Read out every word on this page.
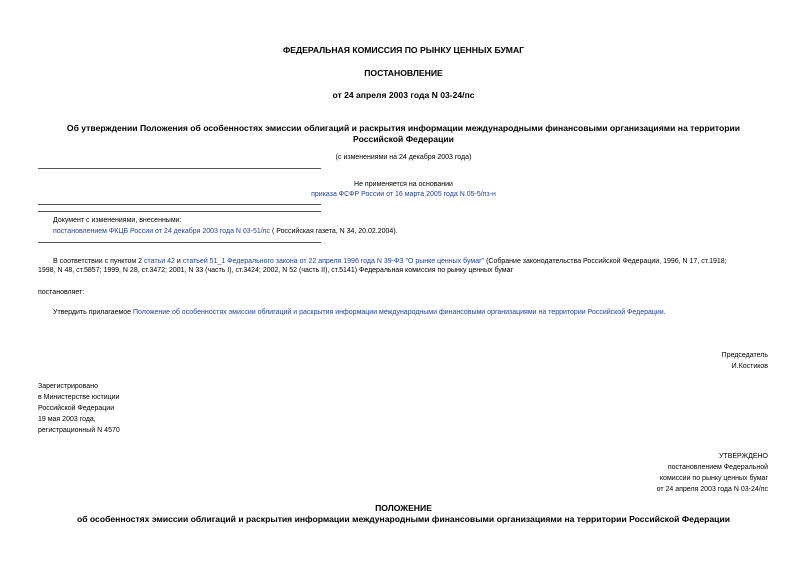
ФЕДЕРАЛЬНАЯ КОМИССИЯ ПО РЫНКУ ЦЕННЫХ БУМАГ
ПОСТАНОВЛЕНИЕ
от 24 апреля 2003 года N 03-24/пс
Об утверждении Положения об особенностях эмиссии облигаций и раскрытия информации международными финансовыми организациями на территории
Российской Федерации
(с изменениями на 24 декабря 2003 года)
Не применяется на основании
приказа ФСФР России от 16 марта 2005 года N 05-5/пз-н
Документ с изменениями, внесенными:
постановлением ФКЦБ России от 24 декабря 2003 года N 03-51/пс ( Российская газета, N 34, 20.02.2004).
В соответствии с пунктом 2 статьи 42 и статьей 51_1 Федерального закона от 22 апреля 1996 года N 39-ФЗ "О рынке ценных бумаг" (Собрание законодательства Российской Федерации, 1996, N 17, ст.1918;
1998, N 48, ст.5857; 1999, N 28, ст.3472; 2001, N 33 (часть I), ст.3424; 2002, N 52 (часть II), ст.5141) Федеральная комиссия по рынку ценных бумаг
постановляет:
Утвердить прилагаемое Положение об особенностях эмиссии облигаций и раскрытия информации международными финансовыми организациями на территории Российской Федерации.
Председатель
И.Костиков
Зарегистрировано
в Министерстве юстиции
Российской Федерации
19 мая 2003 года,
регистрационный N 4570
УТВЕРЖДЕНО
постановлением Федеральной
комиссии по рынку ценных бумаг
от 24 апреля 2003 года N 03-24/пс
ПОЛОЖЕНИЕ
об особенностях эмиссии облигаций и раскрытия информации международными финансовыми организациями на территории Российской Федерации
